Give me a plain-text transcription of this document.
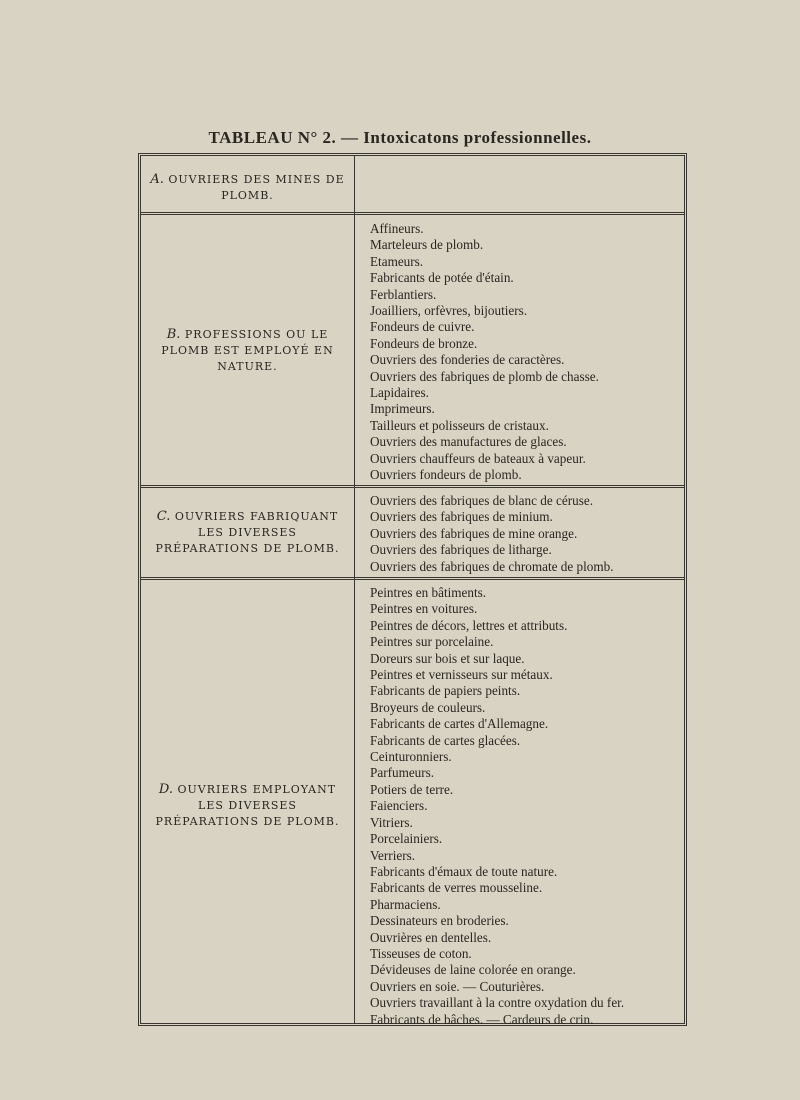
TABLEAU N° 2. — Intoxicatons professionnelles.
A. OUVRIERS DES MINES DE PLOMB.
B. PROFESSIONS OU LE PLOMB EST EMPLOYÉ EN NATURE.
Affineurs.
Marteleurs de plomb.
Etameurs.
Fabricants de potée d'étain.
Ferblantiers.
Joailliers, orfèvres, bijoutiers.
Fondeurs de cuivre.
Fondeurs de bronze.
Ouvriers des fonderies de caractères.
Ouvriers des fabriques de plomb de chasse.
Lapidaires.
Imprimeurs.
Tailleurs et polisseurs de cristaux.
Ouvriers des manufactures de glaces.
Ouvriers chauffeurs de bateaux à vapeur.
Ouvriers fondeurs de plomb.
C. OUVRIERS FABRIQUANT LES DIVERSES PRÉPARATIONS DE PLOMB.
Ouvriers des fabriques de blanc de céruse.
Ouvriers des fabriques de minium.
Ouvriers des fabriques de mine orange.
Ouvriers des fabriques de litharge.
Ouvriers des fabriques de chromate de plomb.
D. OUVRIERS EMPLOYANT LES DIVERSES PRÉPARATIONS DE PLOMB.
Peintres en bâtiments.
Peintres en voitures.
Peintres de décors, lettres et attributs.
Peintres sur porcelaine.
Doreurs sur bois et sur laque.
Peintres et vernisseurs sur métaux.
Fabricants de papiers peints.
Broyeurs de couleurs.
Fabricants de cartes d'Allemagne.
Fabricants de cartes glacées.
Ceinturonniers.
Parfumeurs.
Potiers de terre.
Faienciers.
Vitriers.
Porcelainiers.
Verriers.
Fabricants d'émaux de toute nature.
Fabricants de verres mousseline.
Pharmaciens.
Dessinateurs en broderies.
Ouvrières en dentelles.
Tisseuses de coton.
Dévideuses de laine colorée en orange.
Ouvriers en soie. — Couturières.
Ouvriers travaillant à la contre oxydation du fer.
Fabricants de bâches. — Cardeurs de crin.
